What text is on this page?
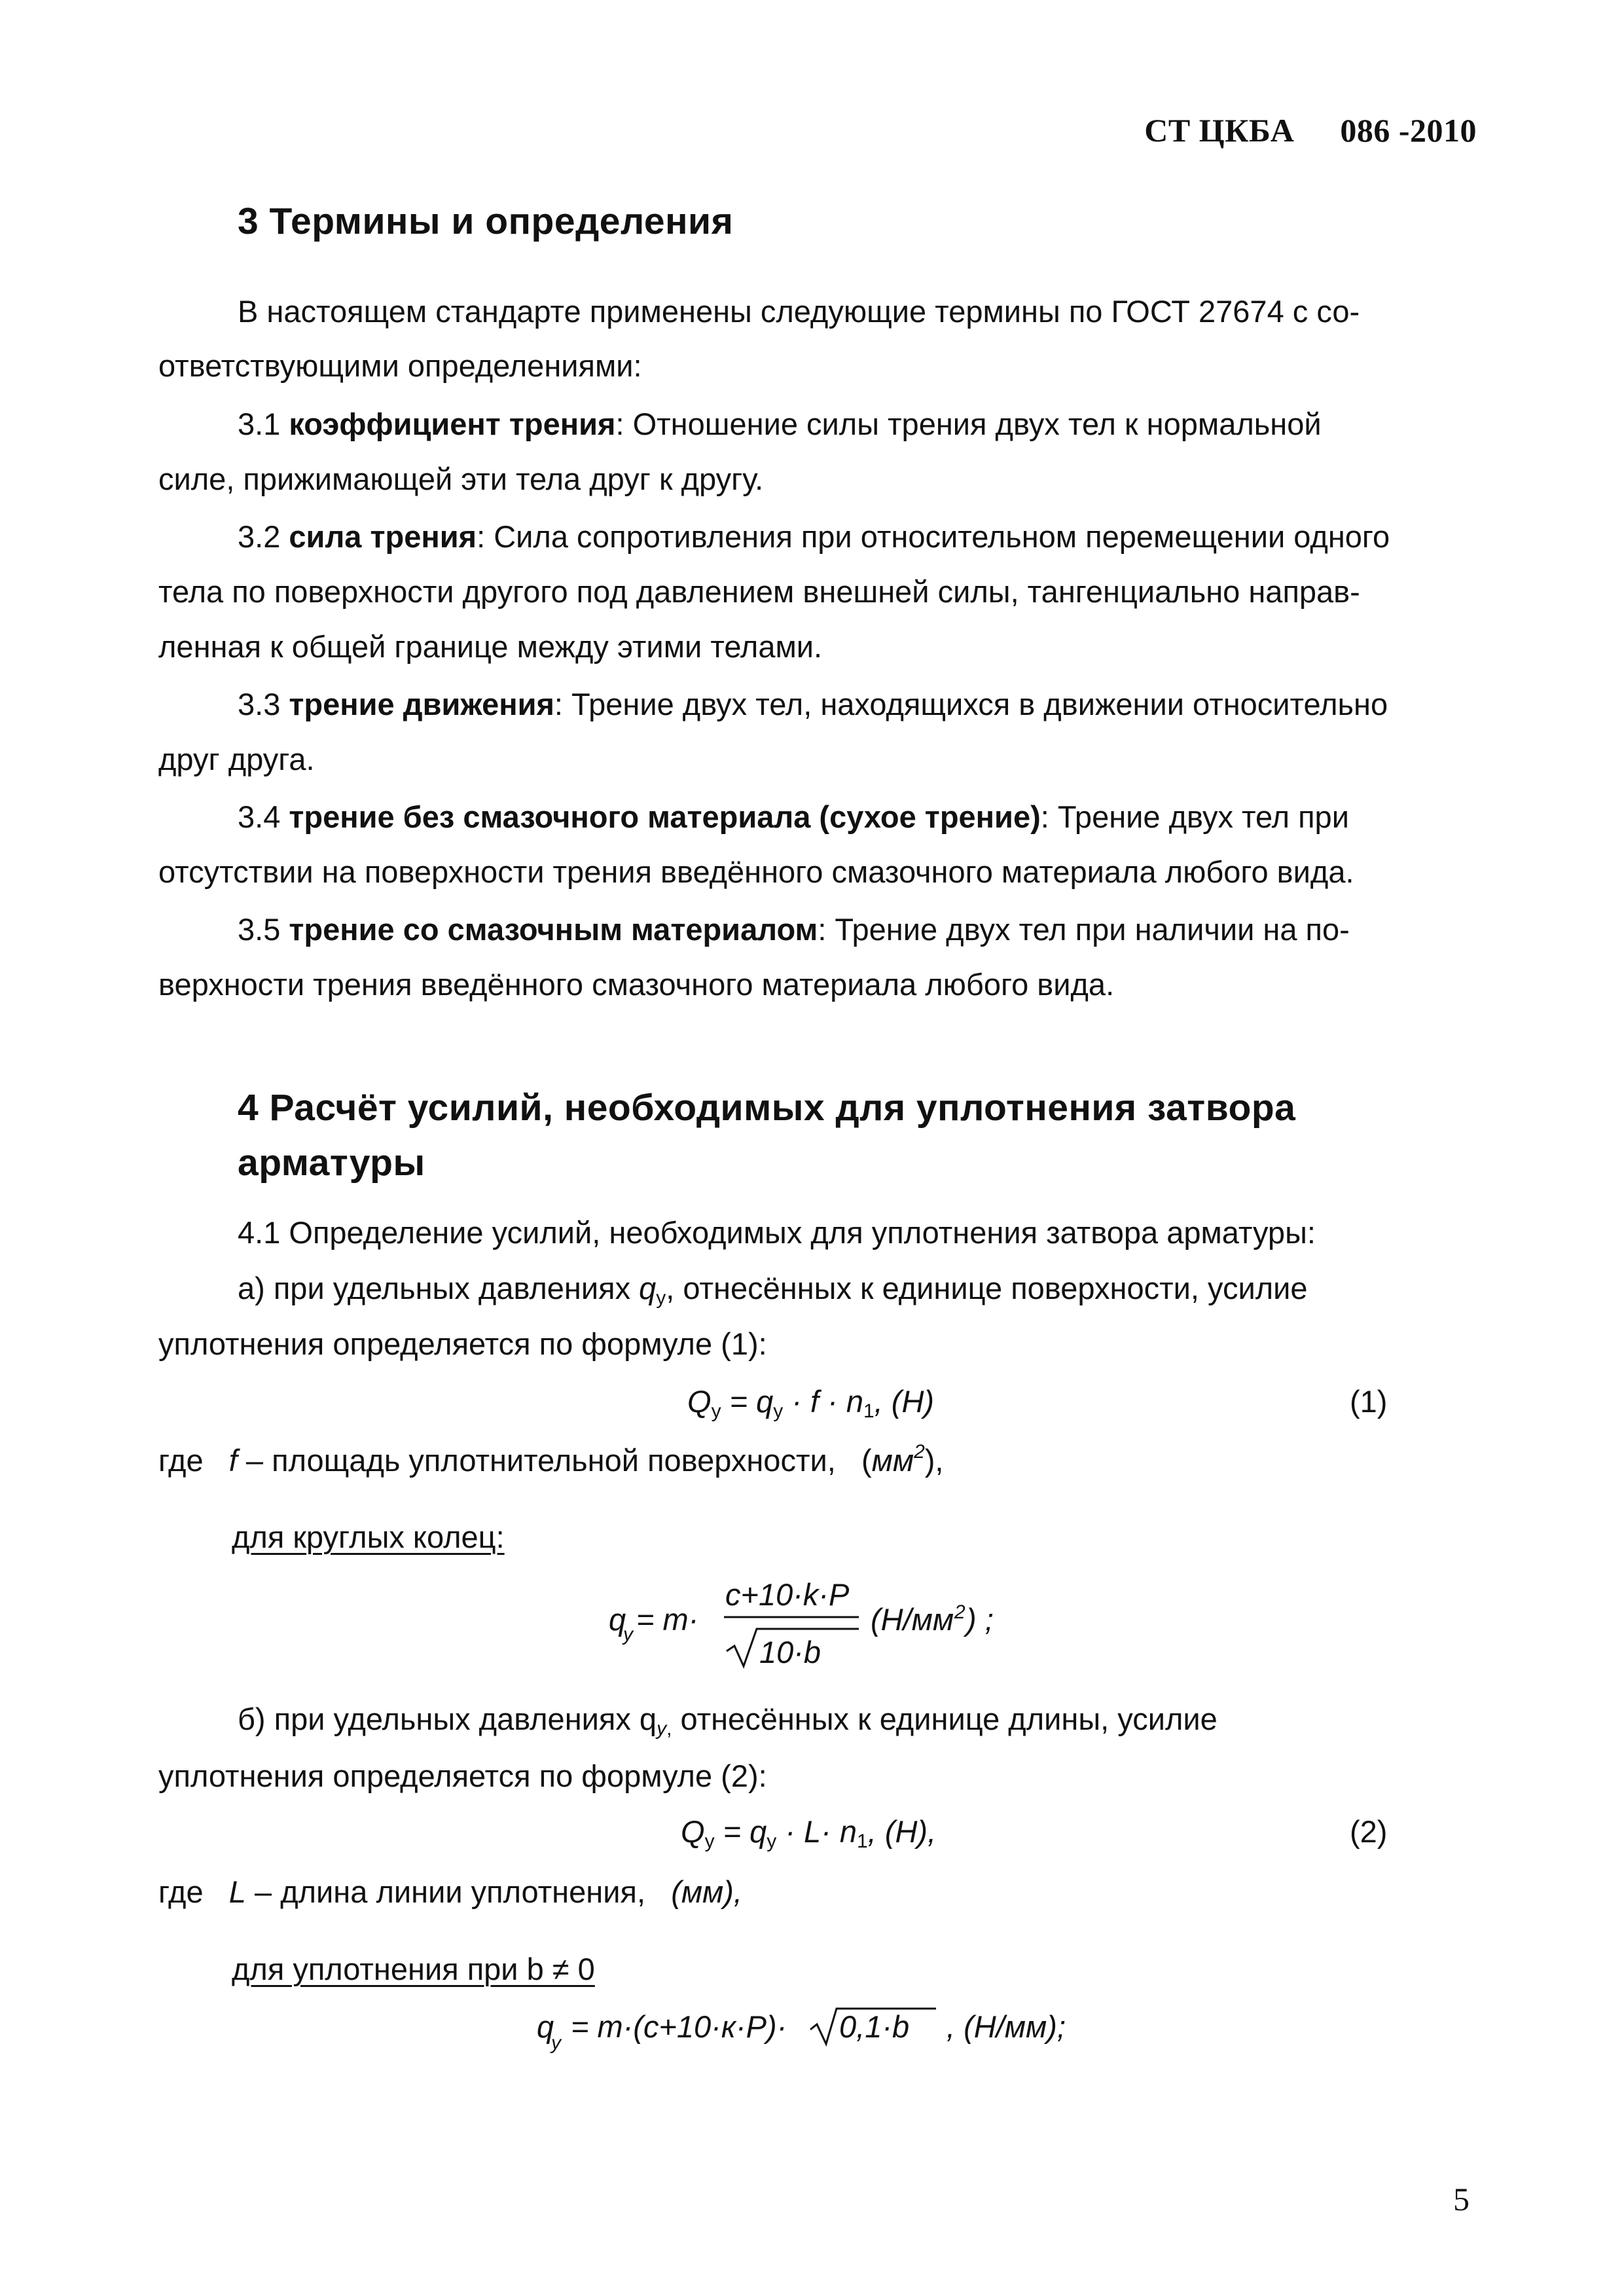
СТ ЦКБА 086 -2010
3 Термины и определения
В настоящем стандарте применены следующие термины по ГОСТ 27674 с со-
ответствующими определениями:
3.1 коэффициент трения: Отношение силы трения двух тел к нормальной
силе, прижимающей эти тела друг к другу.
3.2 сила трения: Сила сопротивления при относительном перемещении одного
тела по поверхности другого под давлением внешней силы, тангенциально направ-
ленная к общей границе между этими телами.
3.3 трение движения: Трение двух тел, находящихся в движении относительно
друг друга.
3.4 трение без смазочного материала (сухое трение): Трение двух тел при
отсутствии на поверхности трения введённого смазочного материала любого вида.
3.5 трение со смазочным материалом: Трение двух тел при наличии на по-
верхности трения введённого смазочного материала любого вида.
4 Расчёт усилий, необходимых для уплотнения затвора
арматуры
4.1 Определение усилий, необходимых для уплотнения затвора арматуры:
а) при удельных давлениях $q_у$, отнесённых к единице поверхности, усилие
уплотнения определяется по формуле (1):
$Q_у = q_у \cdot f \cdot n_1$, (H)	(1)
где f – площадь уплотнительной поверхности,   $(мм^2)$,
для круглых колец:
q
у = m·
c+10·k·P
10·b
(Н/мм 2 ) ;
б) при удельных давлениях $q_{у,}$ отнесённых к единице длины, усилие
уплотнения определяется по формуле (2):
$Q_у = q_у \cdot L\cdot n_1$, (H),	(2)
где L – длина линии уплотнения, (мм),
для уплотнения при b ≠ 0
q
у = m·(c+10·к·P)· 0,1·b , (H/мм);
5
